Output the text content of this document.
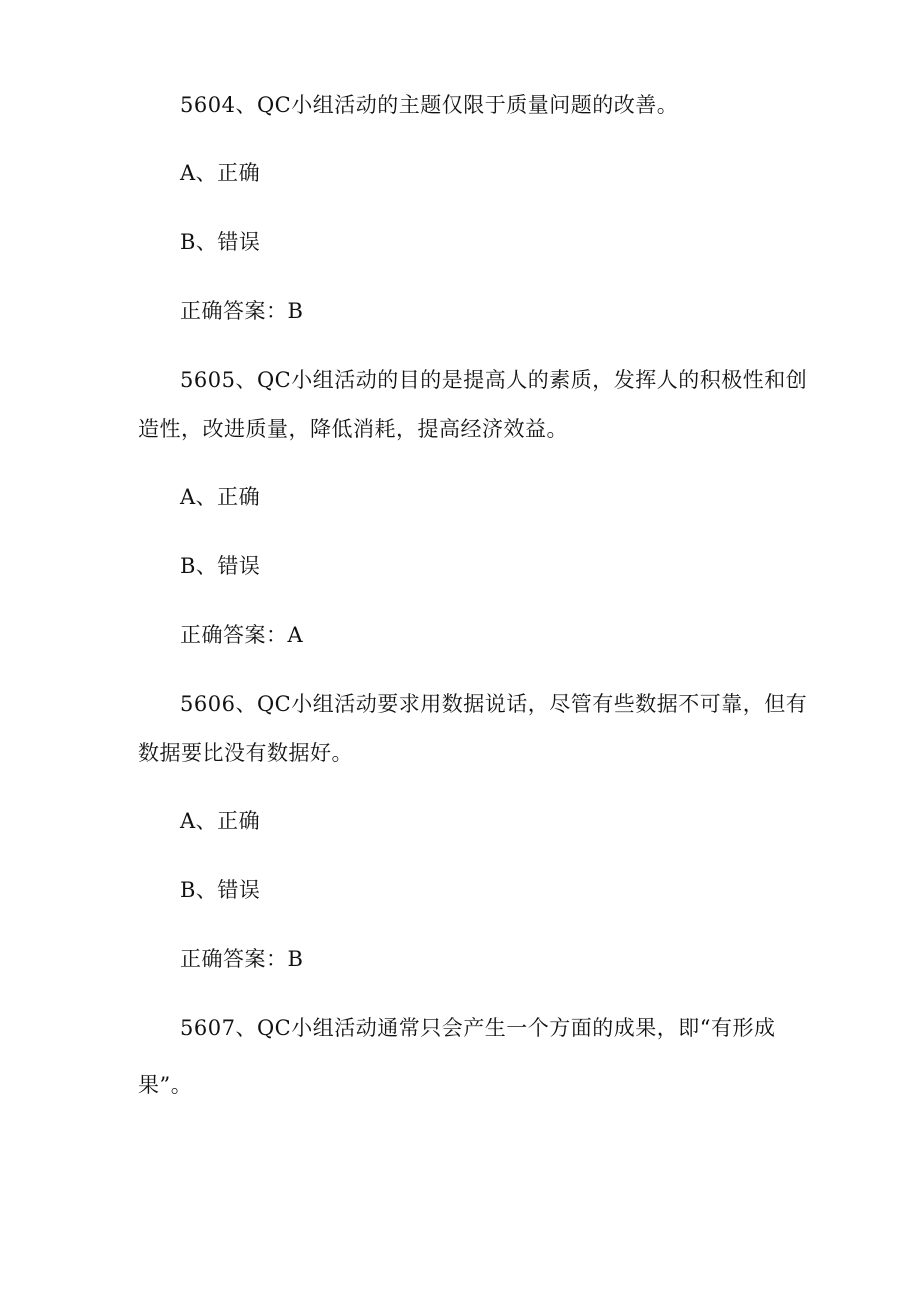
5604、QC小组活动的主题仅限于质量问题的改善。
A、正确
B、错误
正确答案：B
5605、QC小组活动的目的是提高人的素质，发挥人的积极性和创
造性，改进质量，降低消耗，提高经济效益。
A、正确
B、错误
正确答案：A
5606、QC小组活动要求用数据说话，尽管有些数据不可靠，但有
数据要比没有数据好。
A、正确
B、错误
正确答案：B
5607、QC小组活动通常只会产生一个方面的成果，即“有形成
果”。
